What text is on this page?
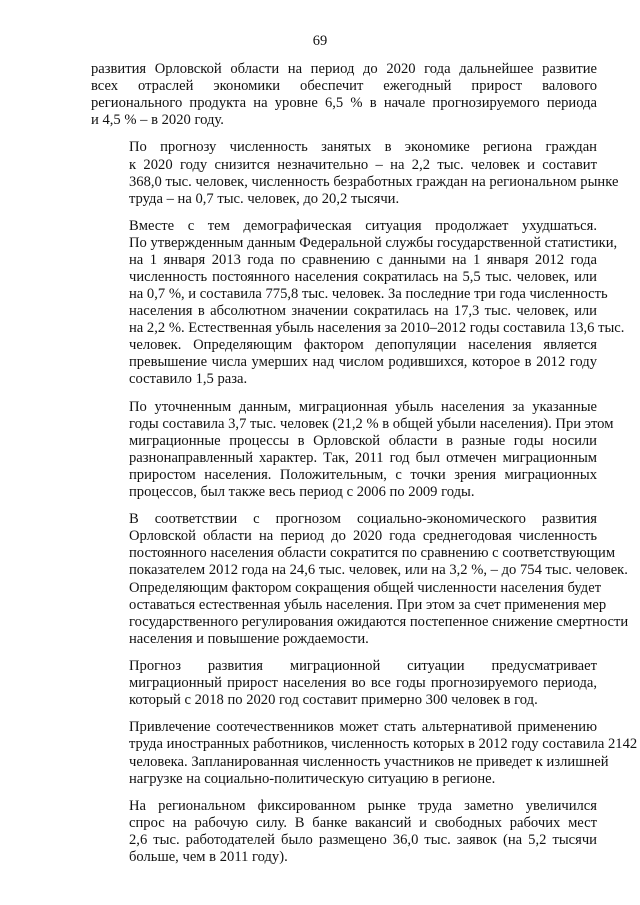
69
развития Орловской области на период до 2020 года дальнейшее развитие
всех отраслей экономики обеспечит ежегодный прирост валового
регионального продукта на уровне 6,5 % в начале прогнозируемого периода
и 4,5 % – в 2020 году.
По прогнозу численность занятых в экономике региона граждан
к 2020 году снизится незначительно – на 2,2 тыс. человек и составит
368,0 тыс. человек, численность безработных граждан на региональном рынке
труда – на 0,7 тыс. человек, до 20,2 тысячи.
Вместе с тем демографическая ситуация продолжает ухудшаться.
По утвержденным данным Федеральной службы государственной статистики,
на 1 января 2013 года по сравнению с данными на 1 января 2012 года
численность постоянного населения сократилась на 5,5 тыс. человек, или
на 0,7 %, и составила 775,8 тыс. человек. За последние три года численность
населения в абсолютном значении сократилась на 17,3 тыс. человек, или
на 2,2 %. Естественная убыль населения за 2010–2012 годы составила 13,6 тыс.
человек. Определяющим фактором депопуляции населения является
превышение числа умерших над числом родившихся, которое в 2012 году
составило 1,5 раза.
По уточненным данным, миграционная убыль населения за указанные
годы составила 3,7 тыс. человек (21,2 % в общей убыли населения). При этом
миграционные процессы в Орловской области в разные годы носили
разнонаправленный характер. Так, 2011 год был отмечен миграционным
приростом населения. Положительным, с точки зрения миграционных
процессов, был также весь период с 2006 по 2009 годы.
В соответствии с прогнозом социально-экономического развития
Орловской области на период до 2020 года среднегодовая численность
постоянного населения области сократится по сравнению с соответствующим
показателем 2012 года на 24,6 тыс. человек, или на 3,2 %, – до 754 тыс. человек.
Определяющим фактором сокращения общей численности населения будет
оставаться естественная убыль населения. При этом за счет применения мер
государственного регулирования ожидаются постепенное снижение смертности
населения и повышение рождаемости.
Прогноз развития миграционной ситуации предусматривает
миграционный прирост населения во все годы прогнозируемого периода,
который с 2018 по 2020 год составит примерно 300 человек в год.
Привлечение соотечественников может стать альтернативой применению
труда иностранных работников, численность которых в 2012 году составила 2142
человека. Запланированная численность участников не приведет к излишней
нагрузке на социально-политическую ситуацию в регионе.
На региональном фиксированном рынке труда заметно увеличился
спрос на рабочую силу. В банке вакансий и свободных рабочих мест
2,6 тыс. работодателей было размещено 36,0 тыс. заявок (на 5,2 тысячи
больше, чем в 2011 году).
